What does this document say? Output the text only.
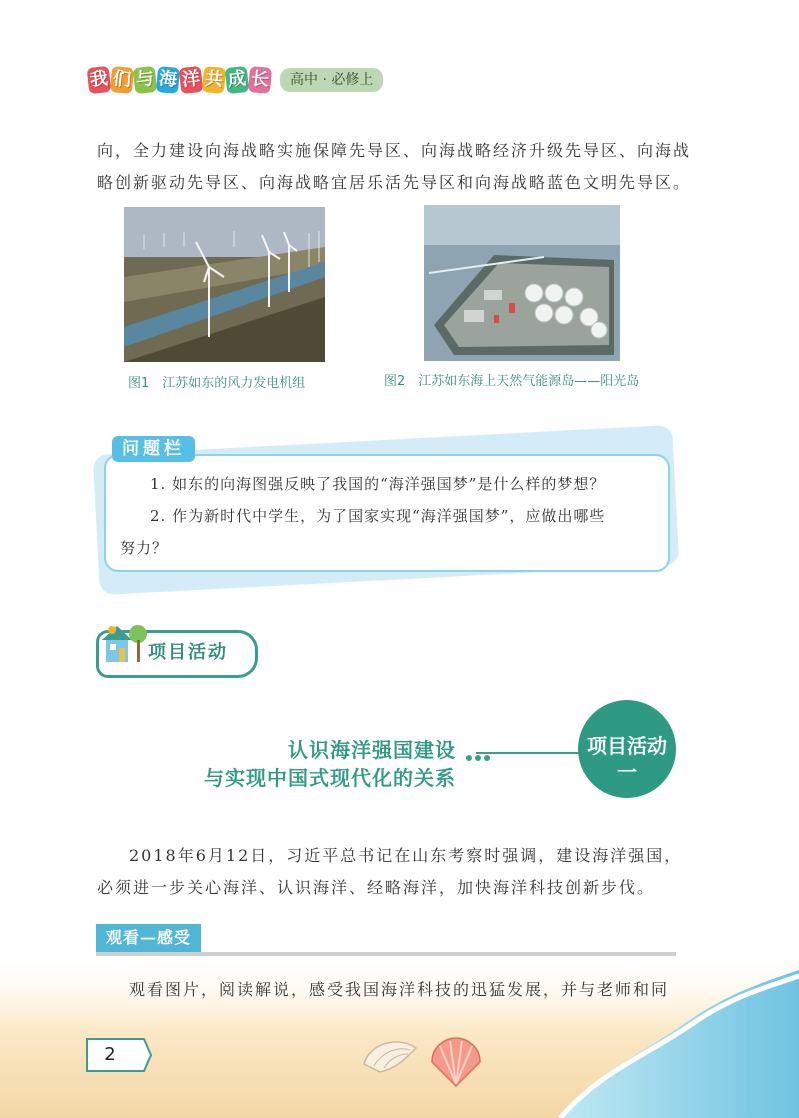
我 们 与 海 洋 共 成 长	高中 · 必修上
向，全力建设向海战略实施保障先导区、向海战略经济升级先导区、向海战略创新驱动先导区、向海战略宜居乐活先导区和向海战略蓝色文明先导区。
图1　江苏如东的风力发电机组	图2　江苏如东海上天然气能源岛——阳光岛
问题栏
1. 如东的向海图强反映了我国的“海洋强国梦”是什么样的梦想？
2. 作为新时代中学生，为了国家实现“海洋强国梦”，应做出哪些
努力？
项目活动
认识海洋强国建设
与实现中国式现代化的关系
项目活动
一
2018年6月12日，习近平总书记在山东考察时强调，建设海洋强国，必须进一步关心海洋、认识海洋、经略海洋，加快海洋科技创新步伐。
观看—感受
观看图片，阅读解说，感受我国海洋科技的迅猛发展，并与老师和同
2
